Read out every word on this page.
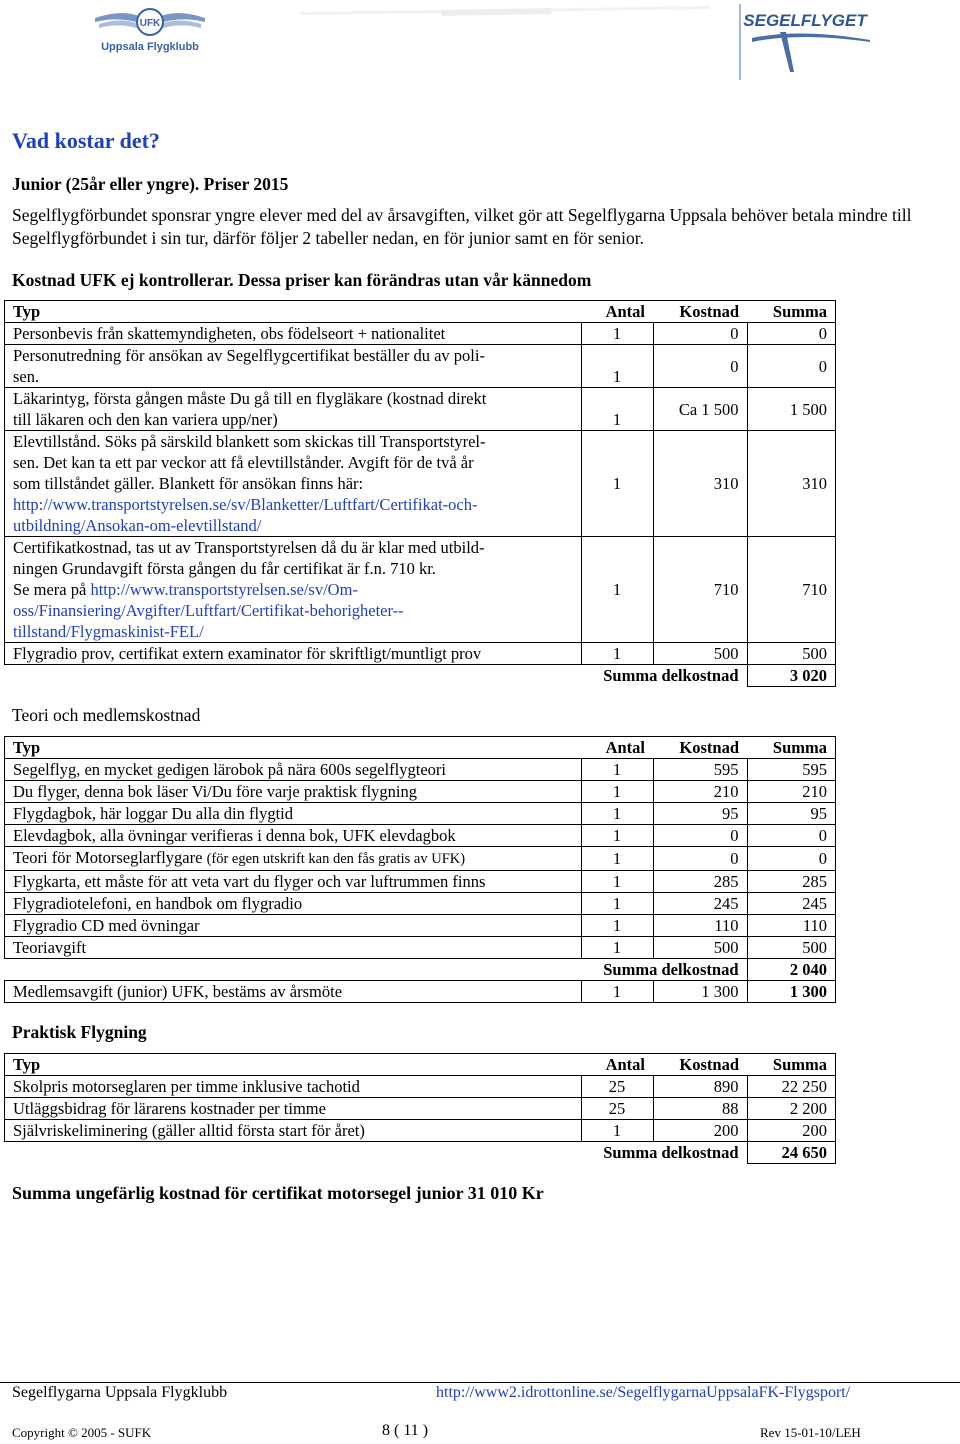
UFK
Uppsala Flygklubb
SEGELFLYGET
Vad kostar det?
Junior (25år eller yngre). Priser 2015
Segelflygförbundet sponsrar yngre elever med del av årsavgiften, vilket gör att Segelflygarna Uppsala behöver betala mindre till Segelflygförbundet i sin tur, därför följer 2 tabeller nedan, en för junior samt en för senior.
Kostnad UFK ej kontrollerar. Dessa priser kan förändras utan vår kännedom
Typ	Antal	Kostnad	Summa
Personbevis från skattemyndigheten, obs födelseort + nationalitet	1	0	0
Personutredning för ansökan av Segelflygcertifikat beställer du av poli-
sen.	1	0	0
Läkarintyg, första gången måste Du gå till en flygläkare (kostnad direkt
till läkaren och den kan variera upp/ner)	1	Ca 1 500	1 500
Elevtillstånd. Söks på särskild blankett som skickas till Transportstyrel-
sen. Det kan ta ett par veckor att få elevtillstånder. Avgift för de två år
som tillståndet gäller. Blankett för ansökan finns här:
http://www.transportstyrelsen.se/sv/Blanketter/Luftfart/Certifikat-och-
utbildning/Ansokan-om-elevtillstand/	1	310	310
Certifikatkostnad, tas ut av Transportstyrelsen då du är klar med utbild-
ningen Grundavgift första gången du får certifikat är f.n. 710 kr.
Se mera på http://www.transportstyrelsen.se/sv/Om-
oss/Finansiering/Avgifter/Luftfart/Certifikat-behorigheter--
tillstand/Flygmaskinist-FEL/	1	710	710
Flygradio prov, certifikat extern examinator för skriftligt/muntligt prov	1	500	500
Summa delkostnad			3 020
Teori och medlemskostnad
Typ	Antal	Kostnad	Summa
Segelflyg, en mycket gedigen lärobok på nära 600s segelflygteori	1	595	595
Du flyger, denna bok läser Vi/Du före varje praktisk flygning	1	210	210
Flygdagbok, här loggar Du alla din flygtid	1	95	95
Elevdagbok, alla övningar verifieras i denna bok, UFK elevdagbok	1	0	0
Teori för Motorseglarflygare (för egen utskrift kan den fås gratis av UFK)	1	0	0
Flygkarta, ett måste för att veta vart du flyger och var luftrummen finns	1	285	285
Flygradiotelefoni, en handbok om flygradio	1	245	245
Flygradio CD med övningar	1	110	110
Teoriavgift	1	500	500
Summa delkostnad			2 040
Medlemsavgift (junior) UFK, bestäms av årsmöte	1	1 300	1 300
Praktisk Flygning
Typ	Antal	Kostnad	Summa
Skolpris motorseglaren per timme inklusive tachotid	25	890	22 250
Utläggsbidrag för lärarens kostnader per timme	25	88	2 200
Självriskeliminering (gäller alltid första start för året)	1	200	200
Summa delkostnad			24 650
Summa ungefärlig kostnad för certifikat motorsegel junior 31 010 Kr
Segelflygarna Uppsala Flygklubb	http://www2.idrottonline.se/SegelflygarnaUppsalaFK-Flygsport/
Copyright © 2005 - SUFK	8 ( 11 )	Rev 15-01-10/LEH
